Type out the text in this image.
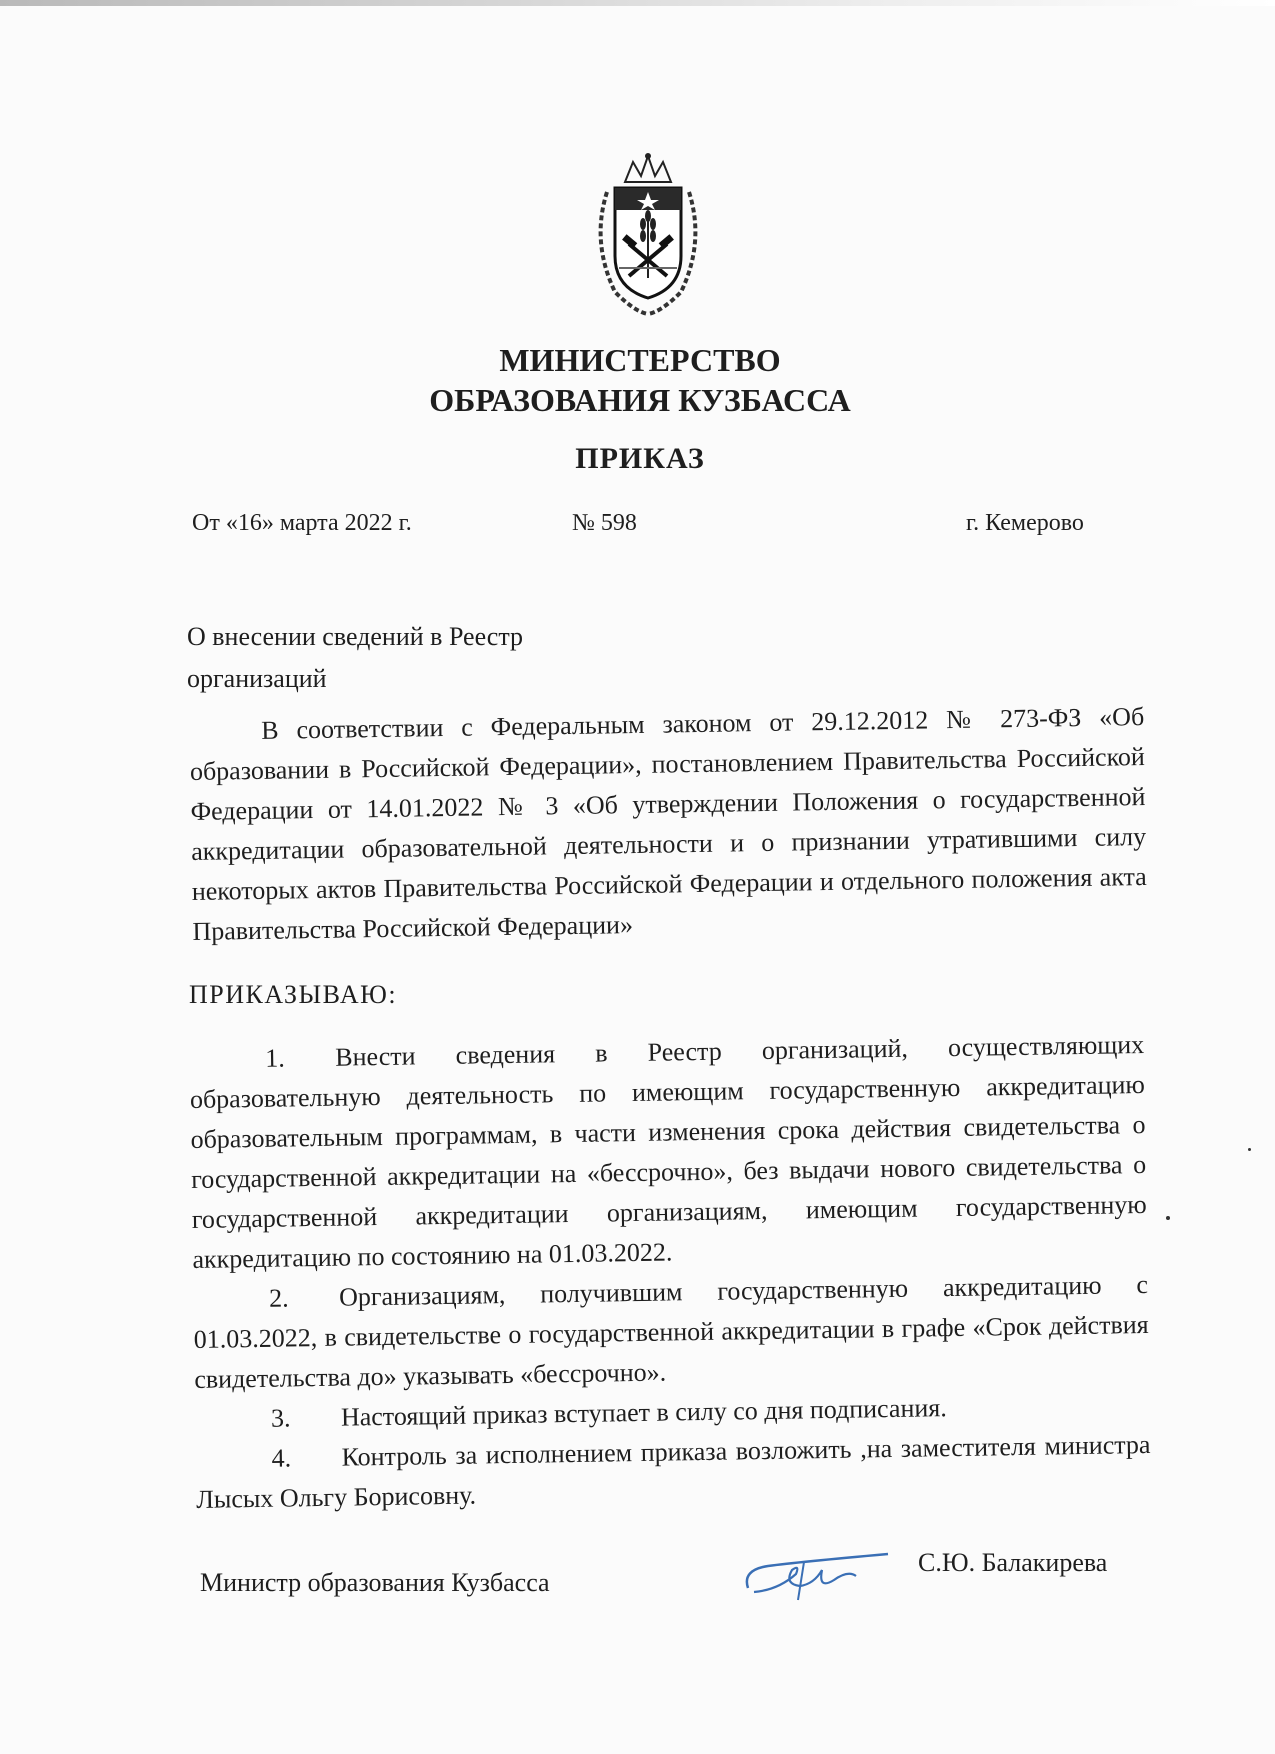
МИНИСТЕРСТВО
ОБРАЗОВАНИЯ КУЗБАССА
ПРИКАЗ
От «16» марта 2022 г.	№ 598	г. Кемерово
О внесении сведений в Реестр
организаций

В соответствии с Федеральным законом от 29.12.2012 № 273-ФЗ «Об образовании в Российской Федерации», постановлением Правительства Российской Федерации от 14.01.2022 № 3 «Об утверждении Положения о государственной аккредитации образовательной деятельности и о признании утратившими силу некоторых актов Правительства Российской Федерации и отдельного положения акта Правительства Российской Федерации»

ПРИКАЗЫВАЮ:

1. Внести сведения в Реестр организаций, осуществляющих образовательную деятельность по имеющим государственную аккредитацию образовательным программам, в части изменения срока действия свидетельства о государственной аккредитации на «бессрочно», без выдачи нового свидетельства о государственной аккредитации организациям, имеющим государственную аккредитацию по состоянию на 01.03.2022.

2. Организациям, получившим государственную аккредитацию с 01.03.2022, в свидетельстве о государственной аккредитации в графе «Срок действия свидетельства до» указывать «бессрочно».

3. Настоящий приказ вступает в силу со дня подписания.

4. Контроль за исполнением приказа возложить ,на заместителя министра Лысых Ольгу Борисовну.

Министр образования Кузбасса
С.Ю. Балакирева
